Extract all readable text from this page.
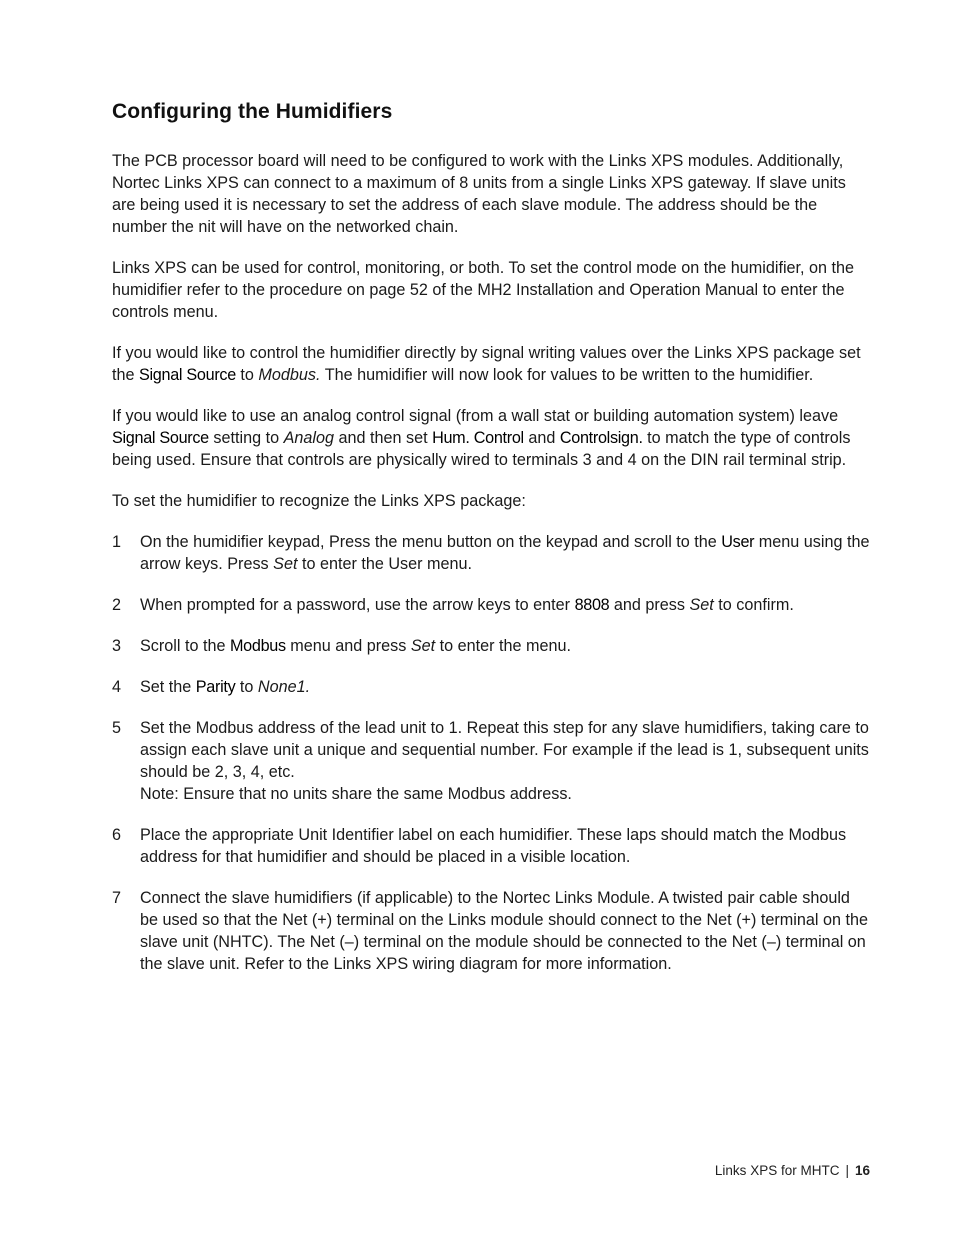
Configuring the Humidifiers

The PCB processor board will need to be configured to work with the Links XPS modules. Additionally, Nortec Links XPS can connect to a maximum of 8 units from a single Links XPS gateway. If slave units are being used it is necessary to set the address of each slave module. The address should be the number the nit will have on the networked chain.

Links XPS can be used for control, monitoring, or both. To set the control mode on the humidifier, on the humidifier refer to the procedure on page 52 of the MH2 Installation and Operation Manual to enter the controls menu.

If you would like to control the humidifier directly by signal writing values over the Links XPS package set the Signal Source to Modbus. The humidifier will now look for values to be written to the humidifier.

If you would like to use an analog control signal (from a wall stat or building automation system) leave Signal Source setting to Analog and then set Hum. Control and Controlsign. to match the type of controls being used. Ensure that controls are physically wired to terminals 3 and 4 on the DIN rail terminal strip.

To set the humidifier to recognize the Links XPS package:

1 On the humidifier keypad, Press the menu button on the keypad and scroll to the User menu using the arrow keys. Press Set to enter the User menu.
2 When prompted for a password, use the arrow keys to enter 8808 and press Set to confirm.
3 Scroll to the Modbus menu and press Set to enter the menu.
4 Set the Parity to None1.
5 Set the Modbus address of the lead unit to 1. Repeat this step for any slave humidifiers, taking care to assign each slave unit a unique and sequential number. For example if the lead is 1, subsequent units should be 2, 3, 4, etc.
Note: Ensure that no units share the same Modbus address.
6 Place the appropriate Unit Identifier label on each humidifier. These laps should match the Modbus address for that humidifier and should be placed in a visible location.
7 Connect the slave humidifiers (if applicable) to the Nortec Links Module. A twisted pair cable should be used so that the Net (+) terminal on the Links module should connect to the Net (+) terminal on the slave unit (NHTC). The Net (–) terminal on the module should be connected to the Net (–) terminal on the slave unit. Refer to the Links XPS wiring diagram for more information.
Links XPS for MHTC | 16
